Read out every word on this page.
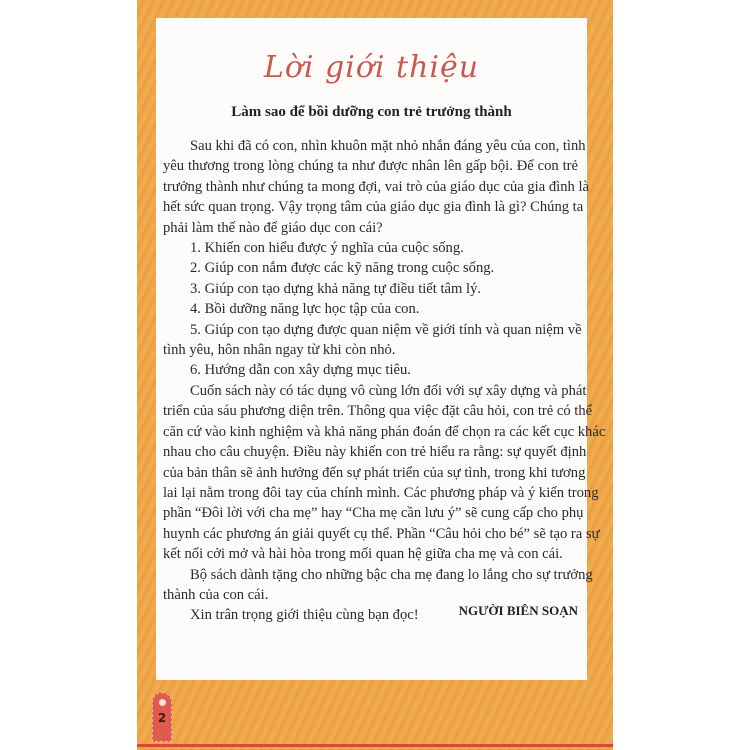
Lời giới thiệu
Làm sao để bồi dưỡng con trẻ trưởng thành
Sau khi đã có con, nhìn khuôn mặt nhỏ nhắn đáng yêu của con, tình
yêu thương trong lòng chúng ta như được nhân lên gấp bội. Để con trẻ
trưởng thành như chúng ta mong đợi, vai trò của giáo dục của gia đình là
hết sức quan trọng. Vậy trọng tâm của giáo dục gia đình là gì? Chúng ta
phải làm thế nào để giáo dục con cái?
1. Khiến con hiểu được ý nghĩa của cuộc sống.
2. Giúp con nắm được các kỹ năng trong cuộc sống.
3. Giúp con tạo dựng khả năng tự điều tiết tâm lý.
4. Bồi dưỡng năng lực học tập của con.
5. Giúp con tạo dựng được quan niệm về giới tính và quan niệm về
tình yêu, hôn nhân ngay từ khi còn nhỏ.
6. Hướng dẫn con xây dựng mục tiêu.
Cuốn sách này có tác dụng vô cùng lớn đối với sự xây dựng và phát
triển của sáu phương diện trên. Thông qua việc đặt câu hỏi, con trẻ có thể
căn cứ vào kinh nghiệm và khả năng phán đoán để chọn ra các kết cục khác
nhau cho câu chuyện. Điều này khiến con trẻ hiểu ra rằng: sự quyết định
của bản thân sẽ ảnh hưởng đến sự phát triển của sự tình, trong khi tương
lai lại nằm trong đôi tay của chính mình. Các phương pháp và ý kiến trong
phần “Đôi lời với cha mẹ” hay “Cha mẹ cần lưu ý” sẽ cung cấp cho phụ
huynh các phương án giải quyết cụ thể. Phần “Câu hỏi cho bé” sẽ tạo ra sự
kết nối cởi mở và hài hòa trong mối quan hệ giữa cha mẹ và con cái.
Bộ sách dành tặng cho những bậc cha mẹ đang lo lắng cho sự trưởng
thành của con cái.
Xin trân trọng giới thiệu cùng bạn đọc!	NGƯỜI BIÊN SOẠN
2
